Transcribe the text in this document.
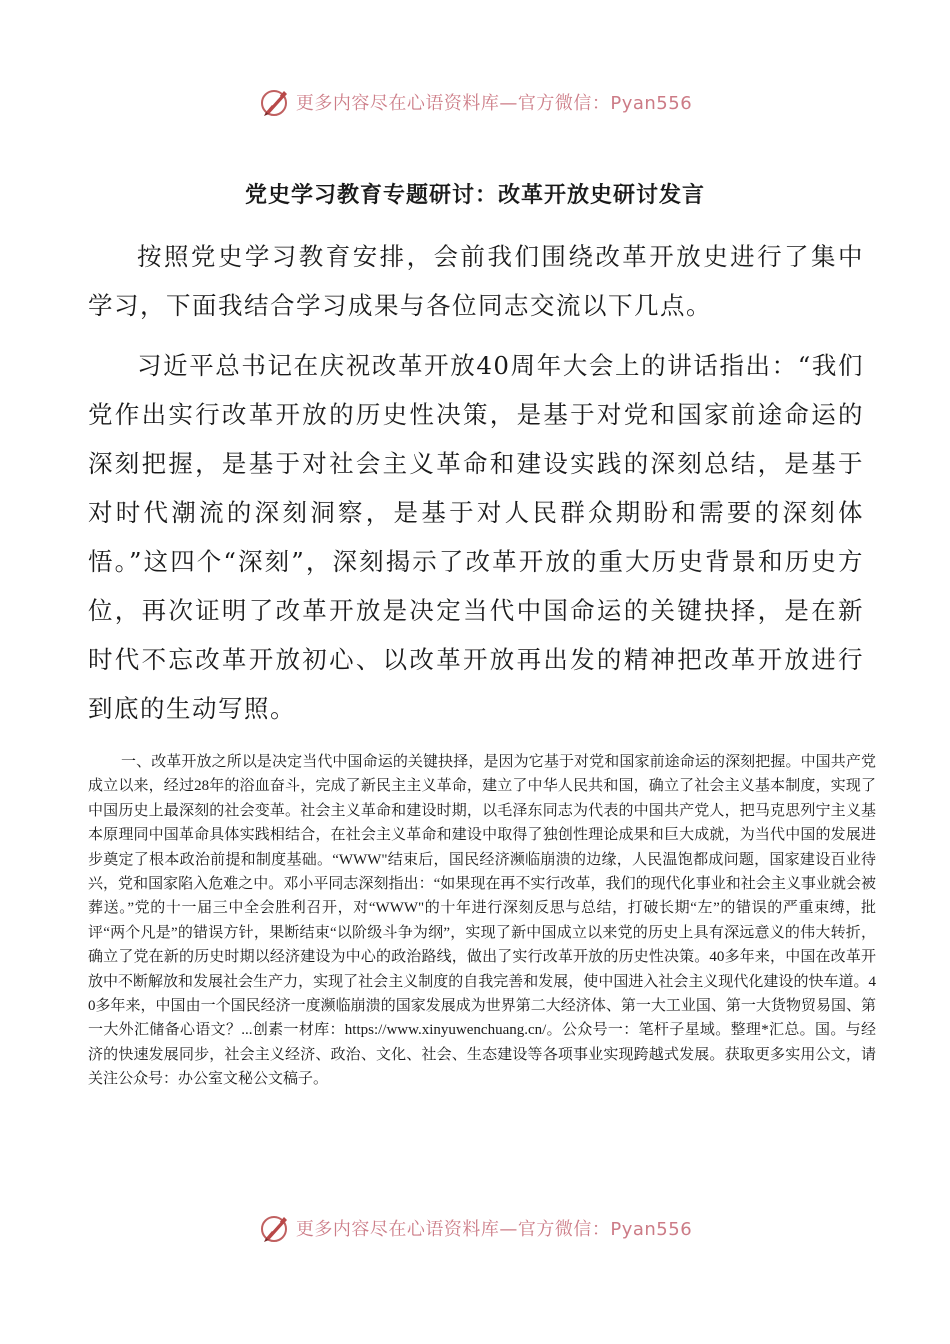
更多内容尽在心语资料库—官方微信：Pyan556
党史学习教育专题研讨：改革开放史研讨发言

按照党史学习教育安排，会前我们围绕改革开放史进行了集中学习，下面我结合学习成果与各位同志交流以下几点。

习近平总书记在庆祝改革开放40周年大会上的讲话指出：“我们党作出实行改革开放的历史性决策，是基于对党和国家前途命运的深刻把握，是基于对社会主义革命和建设实践的深刻总结，是基于对时代潮流的深刻洞察，是基于对人民群众期盼和需要的深刻体悟。”这四个“深刻”，深刻揭示了改革开放的重大历史背景和历史方位，再次证明了改革开放是决定当代中国命运的关键抉择，是在新时代不忘改革开放初心、以改革开放再出发的精神把改革开放进行到底的生动写照。

一、改革开放之所以是决定当代中国命运的关键抉择，是因为它基于对党和国家前途命运的深刻把握。中国共产党成立以来，经过28年的浴血奋斗，完成了新民主主义革命，建立了中华人民共和国，确立了社会主义基本制度，实现了中国历史上最深刻的社会变革。社会主义革命和建设时期，以毛泽东同志为代表的中国共产党人，把马克思列宁主义基本原理同中国革命具体实践相结合，在社会主义革命和建设中取得了独创性理论成果和巨大成就，为当代中国的发展进步奠定了根本政治前提和制度基础。“WWW"结束后，国民经济濒临崩溃的边缘，人民温饱都成问题，国家建设百业待兴，党和国家陷入危难之中。邓小平同志深刻指出：“如果现在再不实行改革，我们的现代化事业和社会主义事业就会被葬送。”党的十一届三中全会胜利召开，对“WWW"的十年进行深刻反思与总结，打破长期“左”的错误的严重束缚，批评“两个凡是”的错误方针，果断结束“以阶级斗争为纲”，实现了新中国成立以来党的历史上具有深远意义的伟大转折，确立了党在新的历史时期以经济建设为中心的政治路线，做出了实行改革开放的历史性决策。40多年来，中国在改革开放中不断解放和发展社会生产力，实现了社会主义制度的自我完善和发展，使中国进入社会主义现代化建设的快车道。40多年来，中国由一个国民经济一度濒临崩溃的国家发展成为世界第二大经济体、第一大工业国、第一大货物贸易国、第一大外汇储备心语文？...创素一材库：https://www.xinyuwenchuang.cn/。公众号一：笔杆子星域。整理*汇总。国。与经济的快速发展同步，社会主义经济、政治、文化、社会、生态建设等各项事业实现跨越式发展。获取更多实用公文，请关注公众号：办公室文秘公文稿子。

更多内容尽在心语资料库—官方微信：Pyan556
